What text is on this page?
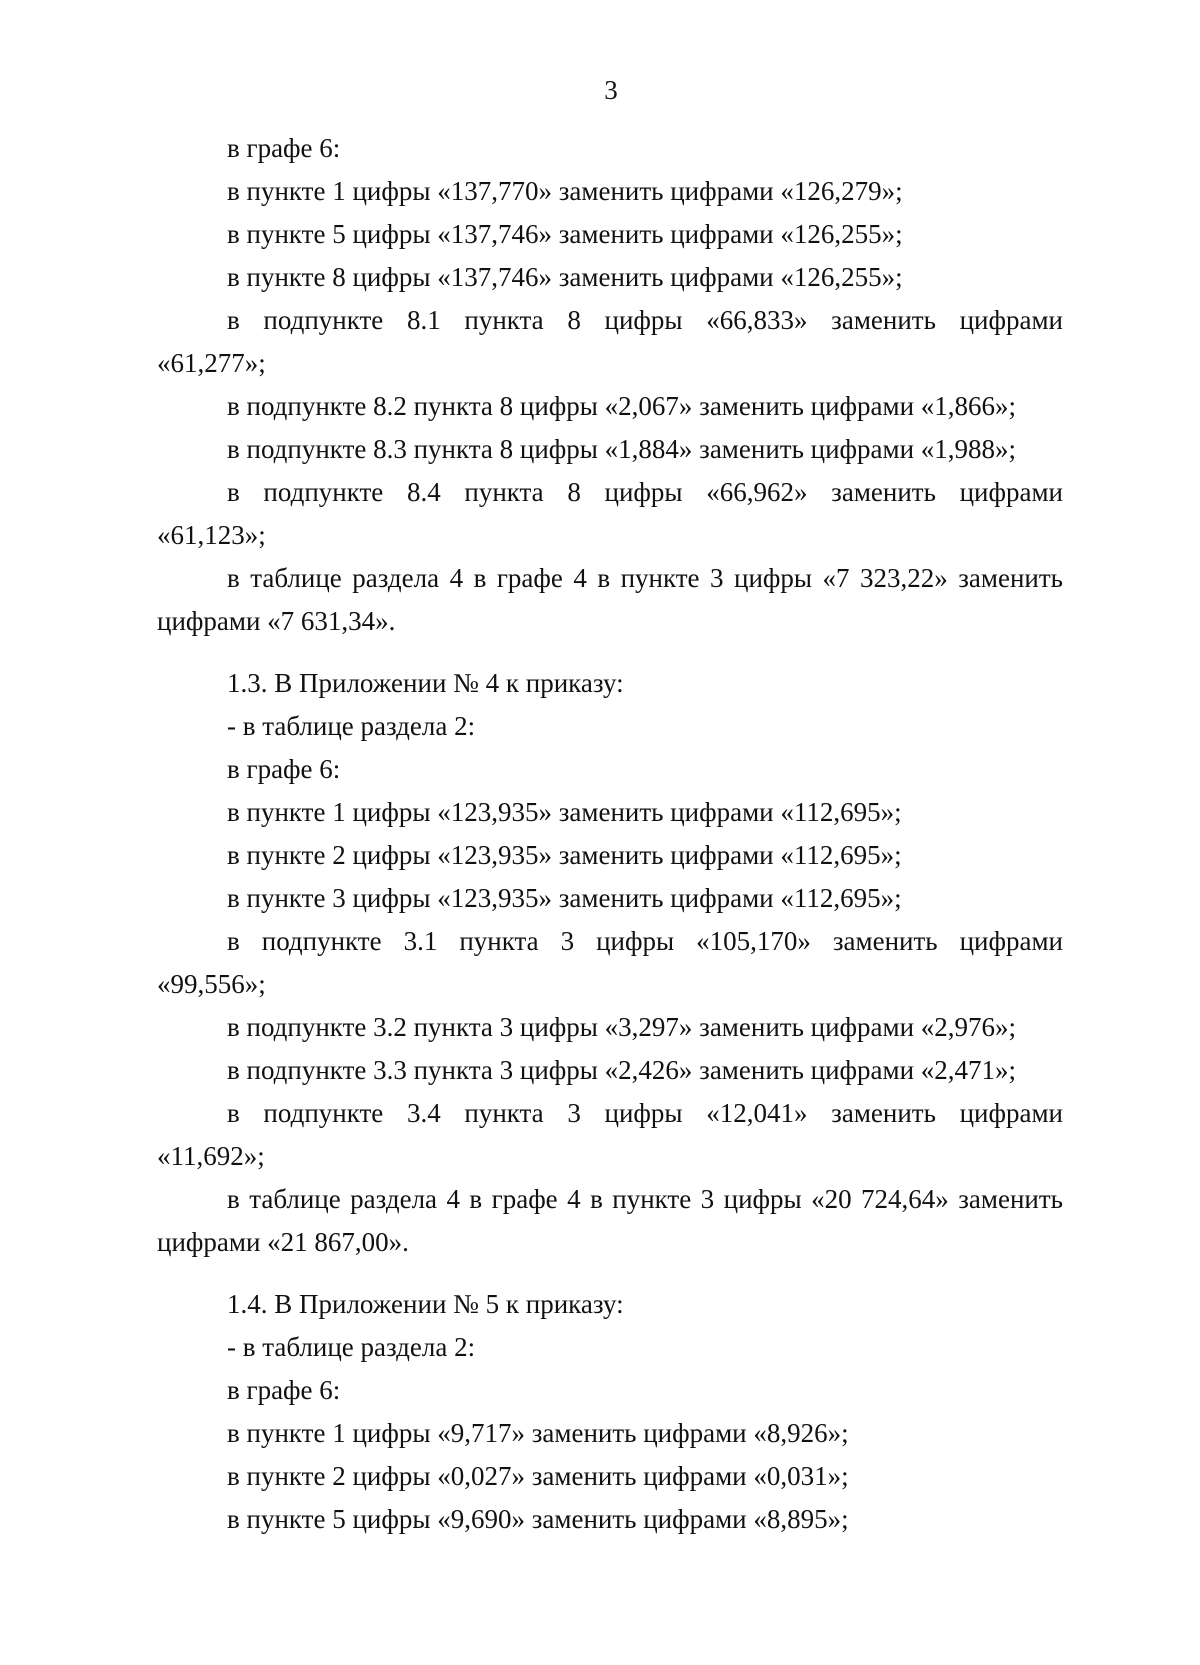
3
в графе 6:
в пункте 1 цифры «137,770» заменить цифрами «126,279»;
в пункте 5 цифры «137,746» заменить цифрами «126,255»;
в пункте 8 цифры «137,746» заменить цифрами «126,255»;
в подпункте 8.1 пункта 8 цифры «66,833» заменить цифрами
«61,277»;
в подпункте 8.2 пункта 8 цифры «2,067» заменить цифрами «1,866»;
в подпункте 8.3 пункта 8 цифры «1,884» заменить цифрами «1,988»;
в подпункте 8.4 пункта 8 цифры «66,962» заменить цифрами
«61,123»;
в таблице раздела 4 в графе 4 в пункте 3 цифры «7 323,22» заменить
цифрами «7 631,34».
1.3. В Приложении № 4 к приказу:
- в таблице раздела 2:
в графе 6:
в пункте 1 цифры «123,935» заменить цифрами «112,695»;
в пункте 2 цифры «123,935» заменить цифрами «112,695»;
в пункте 3 цифры «123,935» заменить цифрами «112,695»;
в подпункте 3.1 пункта 3 цифры «105,170» заменить цифрами
«99,556»;
в подпункте 3.2 пункта 3 цифры «3,297» заменить цифрами «2,976»;
в подпункте 3.3 пункта 3 цифры «2,426» заменить цифрами «2,471»;
в подпункте 3.4 пункта 3 цифры «12,041» заменить цифрами
«11,692»;
в таблице раздела 4 в графе 4 в пункте 3 цифры «20 724,64» заменить
цифрами «21 867,00».
1.4. В Приложении № 5 к приказу:
- в таблице раздела 2:
в графе 6:
в пункте 1 цифры «9,717» заменить цифрами «8,926»;
в пункте 2 цифры «0,027» заменить цифрами «0,031»;
в пункте 5 цифры «9,690» заменить цифрами «8,895»;
